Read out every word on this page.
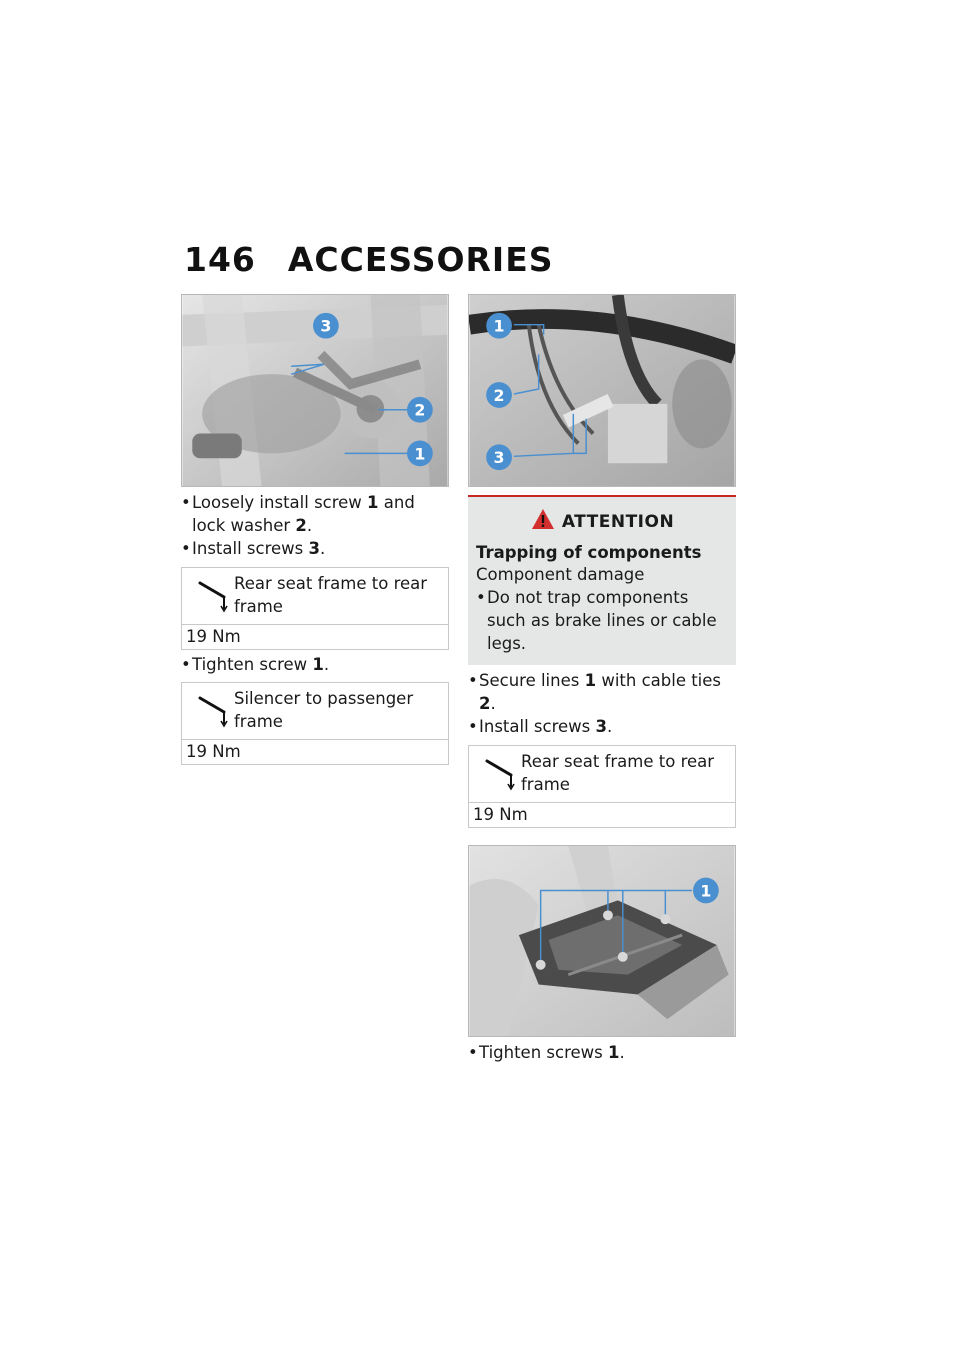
146 ACCESSORIES
3
2
1
• Loosely install screw 1 and lock washer 2.
• Install screws 3.
Rear seat frame to rear frame
19 Nm
• Tighten screw 1.
Silencer to passenger frame
19 Nm
1
2
3
ATTENTION
Trapping of components
Component damage
• Do not trap components such as brake lines or cable legs.
• Secure lines 1 with cable ties 2.
• Install screws 3.
Rear seat frame to rear frame
19 Nm
1
• Tighten screws 1.
